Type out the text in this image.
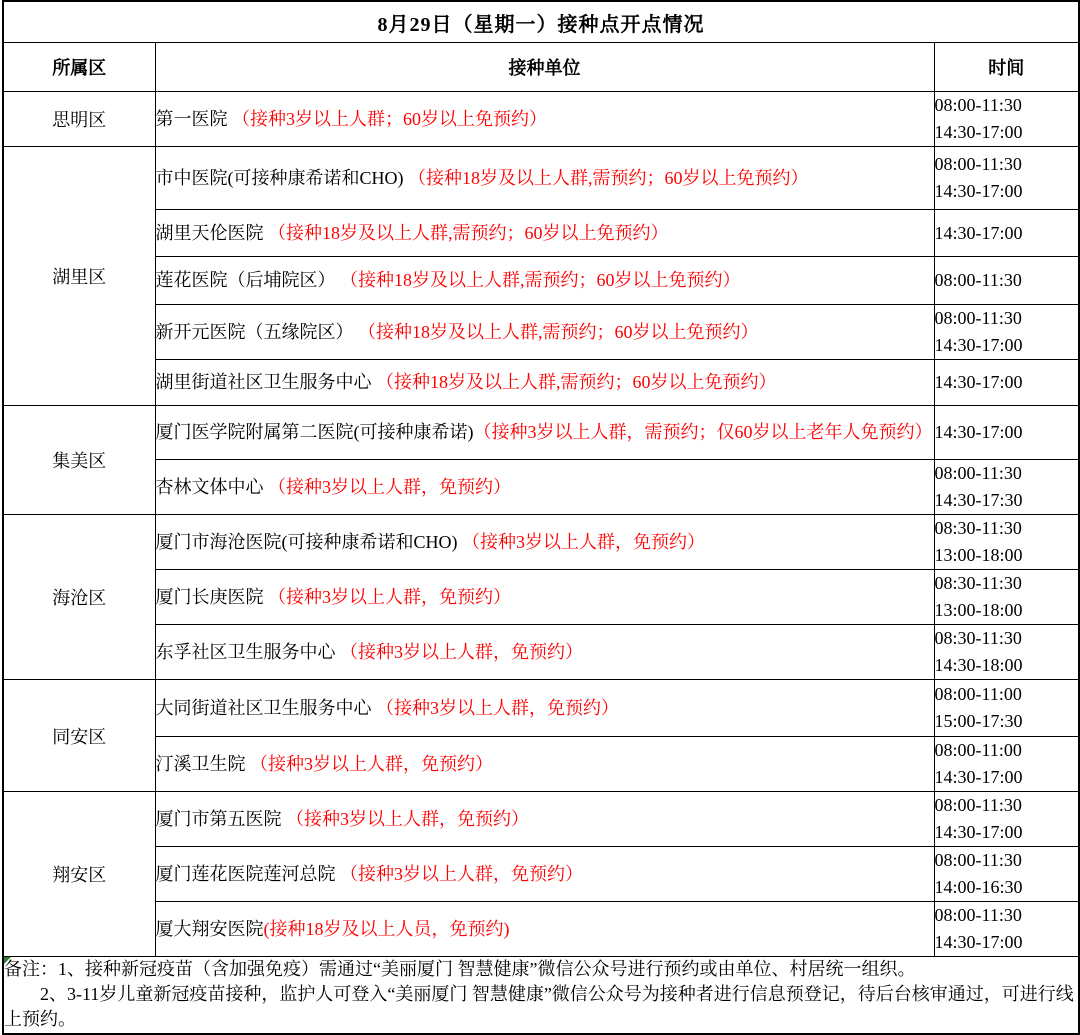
8月29日（星期一）接种点开点情况		
所属区	接种单位	时间
思明区	第一医院 （接种3岁以上人群；60岁以上免预约）	08:00-11:30
14:30-17:00

湖里区	市中医院(可接种康希诺和CHO) （接种18岁及以上人群,需预约；60岁以上免预约）	08:00-11:30
14:30-17:00

	湖里天伦医院 （接种18岁及以上人群,需预约；60岁以上免预约）	14:30-17:00

	莲花医院（后埔院区） （接种18岁及以上人群,需预约；60岁以上免预约）	08:00-11:30

	新开元医院（五缘院区） （接种18岁及以上人群,需预约；60岁以上免预约）	08:00-11:30
14:30-17:00

	湖里街道社区卫生服务中心 （接种18岁及以上人群,需预约；60岁以上免预约）	14:30-17:00

集美区	厦门医学院附属第二医院(可接种康希诺)（接种3岁以上人群，需预约；仅60岁以上老年人免预约）	14:30-17:00

	杏林文体中心 （接种3岁以上人群，免预约）	08:00-11:30
14:30-17:30

海沧区	厦门市海沧医院(可接种康希诺和CHO) （接种3岁以上人群，免预约）	08:30-11:30
13:00-18:00

	厦门长庚医院 （接种3岁以上人群，免预约）	08:30-11:30
13:00-18:00

	东孚社区卫生服务中心 （接种3岁以上人群，免预约）	08:30-11:30
14:30-18:00

同安区	大同街道社区卫生服务中心 （接种3岁以上人群，免预约）	08:00-11:00
15:00-17:30

	汀溪卫生院 （接种3岁以上人群，免预约）	08:00-11:00
14:30-17:00

翔安区	厦门市第五医院 （接种3岁以上人群，免预约）	08:00-11:30
14:30-17:00

	厦门莲花医院莲河总院 （接种3岁以上人群，免预约）	08:00-11:30
14:00-16:30

	厦大翔安医院(接种18岁及以上人员，免预约)	08:00-11:30
14:30-17:00

备注：1、接种新冠疫苗（含加强免疫）需通过“美丽厦门 智慧健康”微信公众号进行预约或由单位、村居统一组织。

2、3-11岁儿童新冠疫苗接种，监护人可登入“美丽厦门 智慧健康”微信公众号为接种者进行信息预登记，待后台核审通过，可进行线上预约。		
